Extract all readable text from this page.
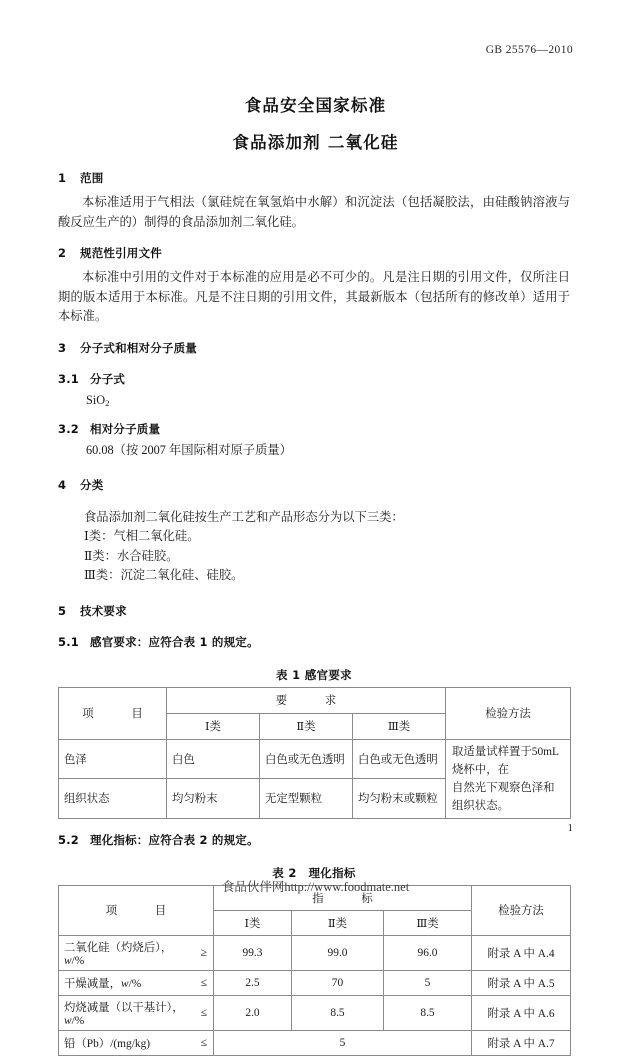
GB 25576—2010
食品安全国家标准
食品添加剂 二氧化硅
1 范围

本标准适用于气相法（氯硅烷在氧氢焰中水解）和沉淀法（包括凝胶法，由硅酸钠溶液与酸反应生产的）制得的食品添加剂二氧化硅。

2 规范性引用文件

本标准中引用的文件对于本标准的应用是必不可少的。凡是注日期的引用文件，仅所注日期的版本适用于本标准。凡是不注日期的引用文件，其最新版本（包括所有的修改单）适用于本标准。

3 分子式和相对分子质量
3.1 分子式
SiO$_2$
3.2 相对分子质量
60.08（按 2007 年国际相对原子质量）
4 分类
食品添加剂二氧化硅按生产工艺和产品形态分为以下三类：
Ⅰ类：气相二氧化硅。
Ⅱ类：水合硅胶。
Ⅲ类：沉淀二氧化硅、硅胶。
5 技术要求
5.1 感官要求：应符合表 1 的规定。
表 1 感官要求
项　　目	要　　求			检验方法
	Ⅰ类	Ⅱ类	Ⅲ类	
色泽	白色	白色或无色透明	白色或无色透明	取适量试样置于50mL烧杯中，在
自然光下观察色泽和组织状态。

组织状态	均匀粉末	无定型颗粒	均匀粉末或颗粒	
5.2 理化指标：应符合表 2 的规定。
表 2　理化指标
项　　目	指　　标			检验方法
	Ⅰ类	Ⅱ类	Ⅲ类	
二氧化硅（灼烧后），w/%
≥	99.3	99.0	96.0	附录 A 中 A.4
干燥减量，w/% ≤	2.5	70	5	附录 A 中 A.5
灼烧减量（以干基计），w/%
≤	2.0	8.5	8.5	附录 A 中 A.6
铅（Pb）/(mg/kg) ≤	5			附录 A 中 A.7
1
食品伙伴网http://www.foodmate.net
